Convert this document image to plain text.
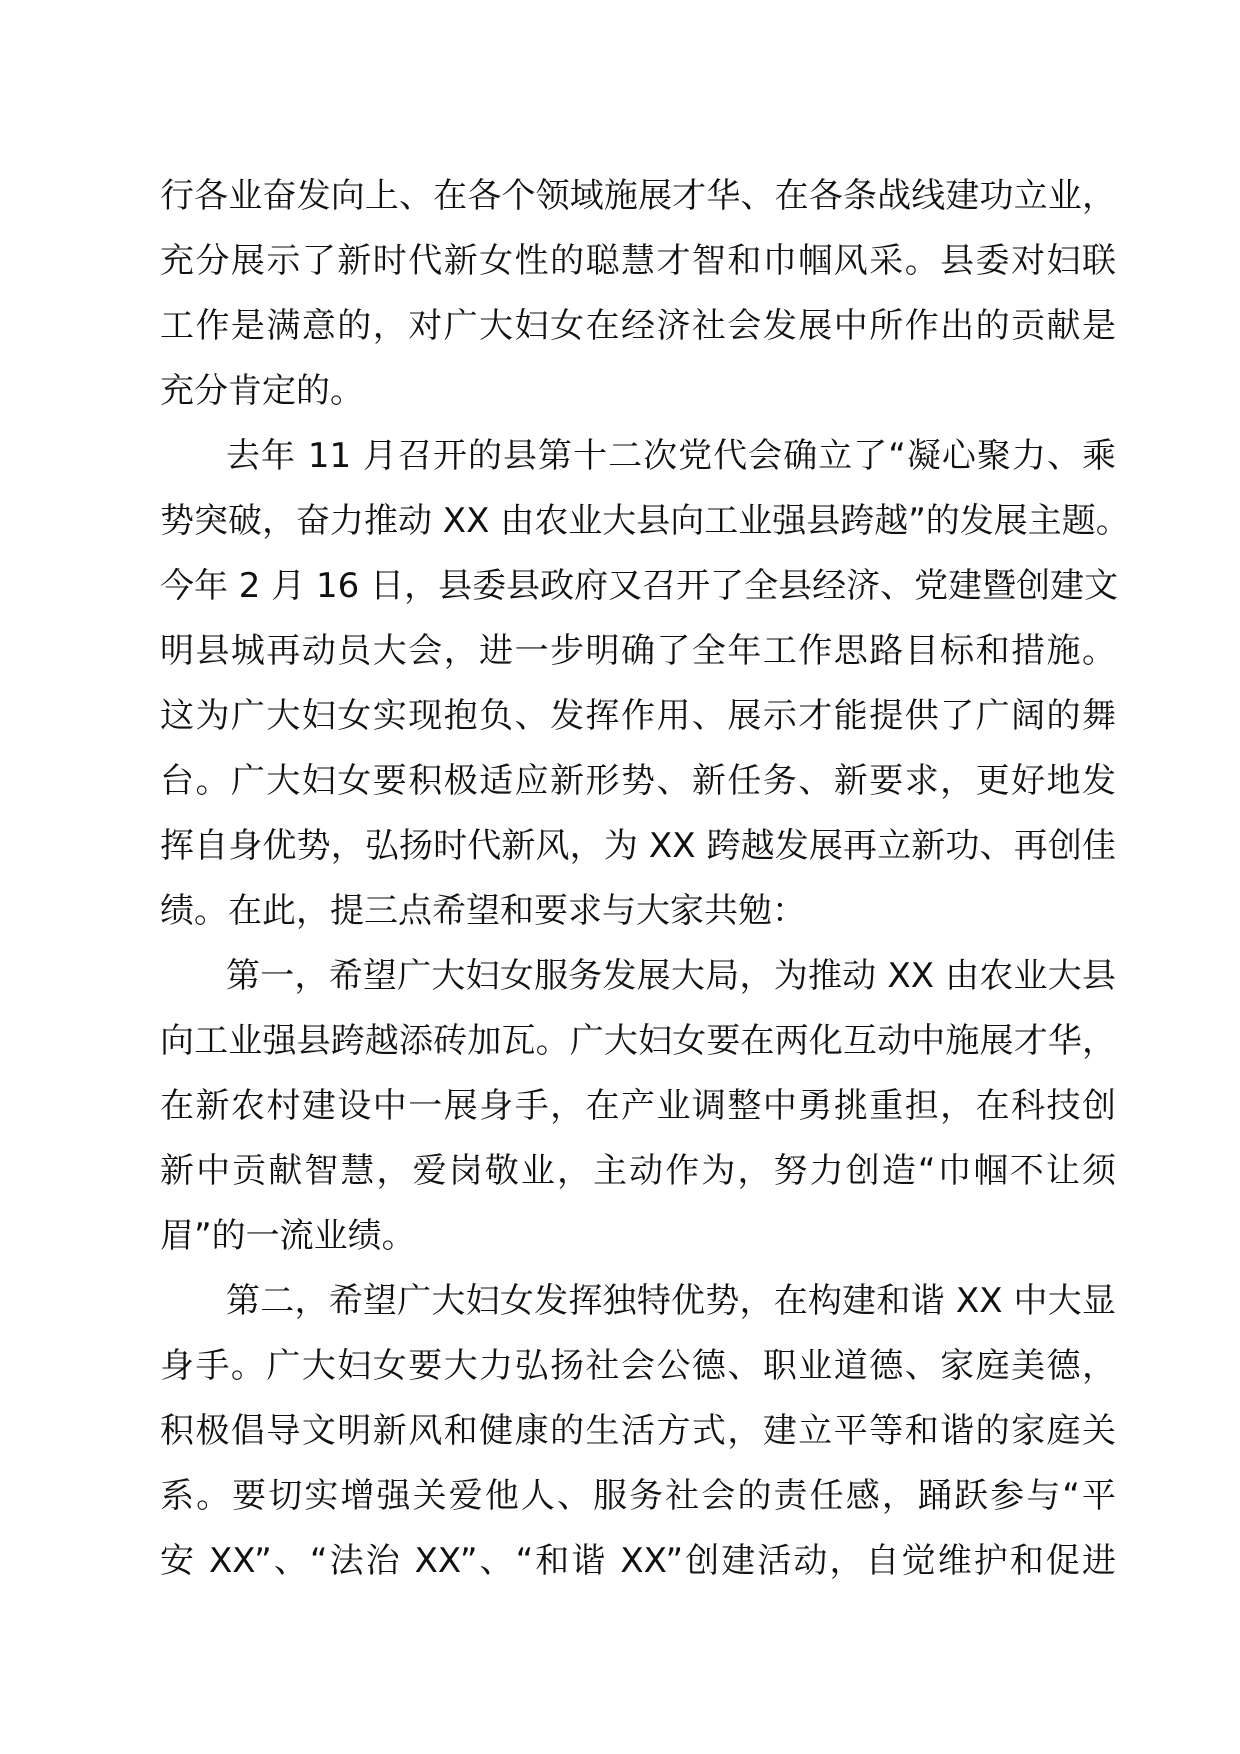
行各业奋发向上、在各个领域施展才华、在各条战线建功立业，
充分展示了新时代新女性的聪慧才智和巾帼风采。县委对妇联
工作是满意的，对广大妇女在经济社会发展中所作出的贡献是
充分肯定的。
去年 11 月召开的县第十二次党代会确立了“凝心聚力、乘
势突破，奋力推动 XX 由农业大县向工业强县跨越”的发展主题。
今年 2 月 16 日，县委县政府又召开了全县经济、党建暨创建文
明县城再动员大会，进一步明确了全年工作思路目标和措施。
这为广大妇女实现抱负、发挥作用、展示才能提供了广阔的舞
台。广大妇女要积极适应新形势、新任务、新要求，更好地发
挥自身优势，弘扬时代新风，为 XX 跨越发展再立新功、再创佳
绩。在此，提三点希望和要求与大家共勉：
第一，希望广大妇女服务发展大局，为推动 XX 由农业大县
向工业强县跨越添砖加瓦。广大妇女要在两化互动中施展才华，
在新农村建设中一展身手，在产业调整中勇挑重担，在科技创
新中贡献智慧，爱岗敬业，主动作为，努力创造“巾帼不让须
眉”的一流业绩。
第二，希望广大妇女发挥独特优势，在构建和谐 XX 中大显
身手。广大妇女要大力弘扬社会公德、职业道德、家庭美德，
积极倡导文明新风和健康的生活方式，建立平等和谐的家庭关
系。要切实增强关爱他人、服务社会的责任感，踊跃参与“平
安 XX”、“法治 XX”、“和谐 XX”创建活动，自觉维护和促进
